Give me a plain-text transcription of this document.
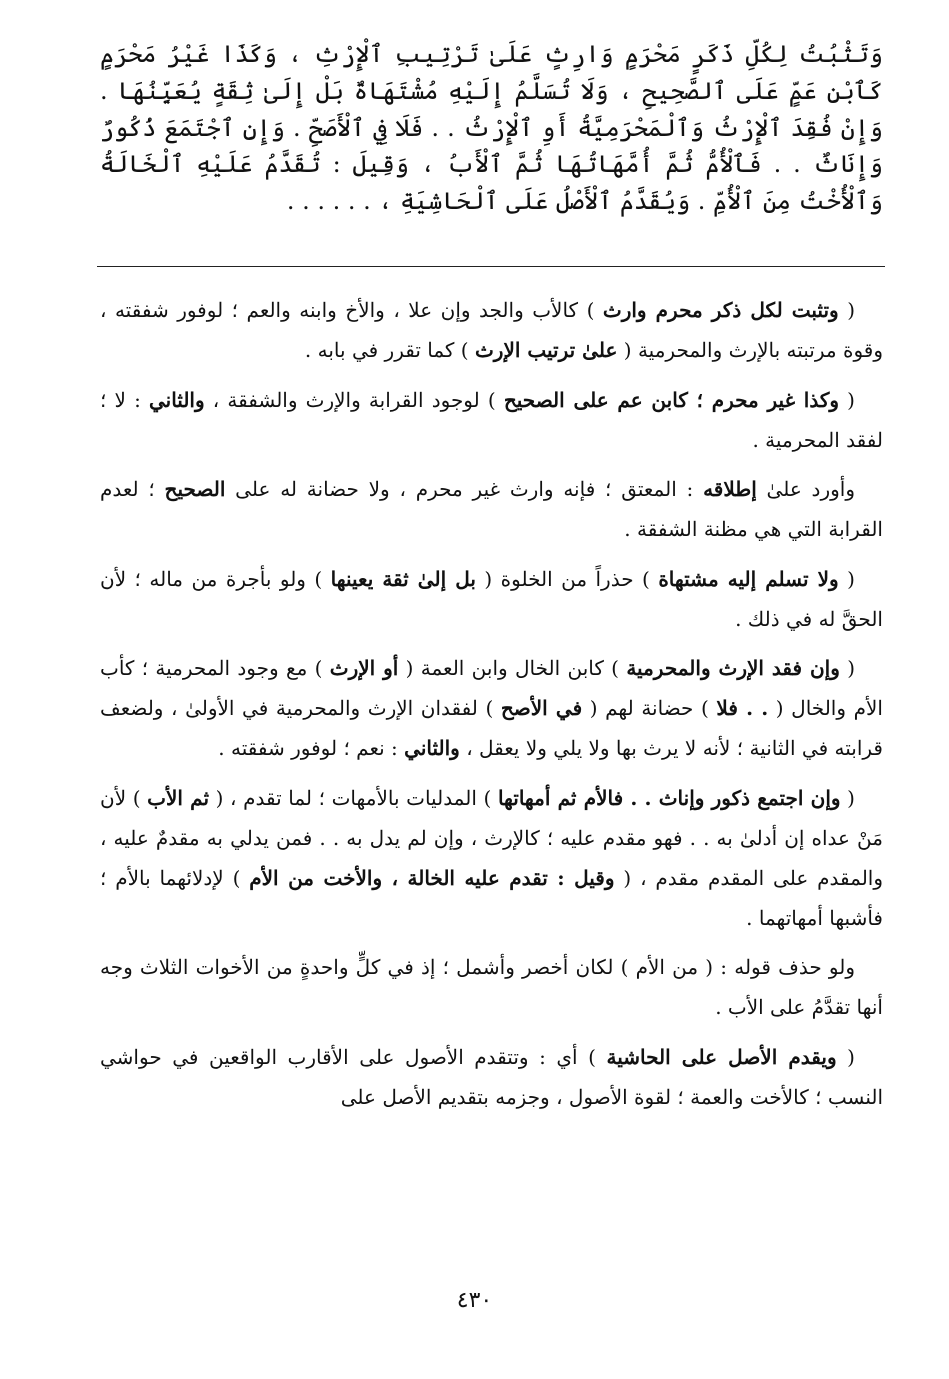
وَتَثْبُتُ لِكُلِّ ذَكَرٍ مَحْرَمٍ وَارِثٍ عَلَىٰ تَرْتِيبِ ٱلْإِرْثِ ، وَكَذَا غَيْرُ مَحْرَمٍ كَٱبْنِ عَمٍّ عَلَى ٱلصَّحِيحِ ، وَلَا تُسَلَّمُ إِلَيْهِ مُشْتَهَاةٌ بَلْ إِلَىٰ ثِقَةٍ يُعَيِّنُهَا . وَإِنْ فُقِدَ ٱلْإِرْثُ وَٱلْمَحْرَمِيَّةُ أَوِ ٱلْإِرْثُ . . فَلَا فِي ٱلْأَصَحِّ . وَإِنِ ٱجْتَمَعَ ذُكُورٌ وَإِنَاثٌ . . فَٱلْأُمُّ ثُمَّ أُمَّهَاتُهَا ثُمَّ ٱلْأَبُ ، وَقِيلَ : تُقَدَّمُ عَلَيْهِ ٱلْخَالَةُ وَٱلْأُخْتُ مِنَ ٱلْأُمِّ . وَيُقَدَّمُ ٱلْأَصْلُ عَلَى ٱلْحَاشِيَةِ ، . . . . . .

( وتثبت لكل ذكر محرم وارث ) كالأب والجد وإن علا ، والأخ وابنه والعم ؛ لوفور شفقته ، وقوة مرتبته بالإرث والمحرمية ( علىٰ ترتيب الإرث ) كما تقرر في بابه .

( وكذا غير محرم ؛ كابن عم على الصحيح ) لوجود القرابة والإرث والشفقة ، والثاني : لا ؛ لفقد المحرمية .

وأورد علىٰ إطلاقه : المعتق ؛ فإنه وارث غير محرم ، ولا حضانة له على الصحيح ؛ لعدم القرابة التي هي مظنة الشفقة .

( ولا تسلم إليه مشتهاة ) حذراً من الخلوة ( بل إلىٰ ثقة يعينها ) ولو بأجرة من ماله ؛ لأن الحقَّ له في ذلك .

( وإن فقد الإرث والمحرمية ) كابن الخال وابن العمة ( أو الإرث ) مع وجود المحرمية ؛ كأب الأم والخال ( . . فلا ) حضانة لهم ( في الأصح ) لفقدان الإرث والمحرمية في الأولىٰ ، ولضعف قرابته في الثانية ؛ لأنه لا يرث بها ولا يلي ولا يعقل ، والثاني : نعم ؛ لوفور شفقته .

( وإن اجتمع ذكور وإناث . . فالأم ثم أمهاتها ) المدليات بالأمهات ؛ لما تقدم ، ( ثم الأب ) لأن مَنْ عداه إن أدلىٰ به . . فهو مقدم عليه ؛ كالإرث ، وإن لم يدل به . . فمن يدلي به مقدمٌ عليه ، والمقدم على المقدم مقدم ، ( وقيل : تقدم عليه الخالة ، والأخت من الأم ) لإدلائهما بالأم ؛ فأشبها أمهاتهما .

ولو حذف قوله : ( من الأم ) لكان أخصر وأشمل ؛ إذ في كلٍّ واحدةٍ من الأخوات الثلاث وجه أنها تقدَّمُ على الأب .

( ويقدم الأصل على الحاشية ) أي : وتتقدم الأصول على الأقارب الواقعين في حواشي النسب ؛ كالأخت والعمة ؛ لقوة الأصول ، وجزمه بتقديم الأصل على

٤٣٠
